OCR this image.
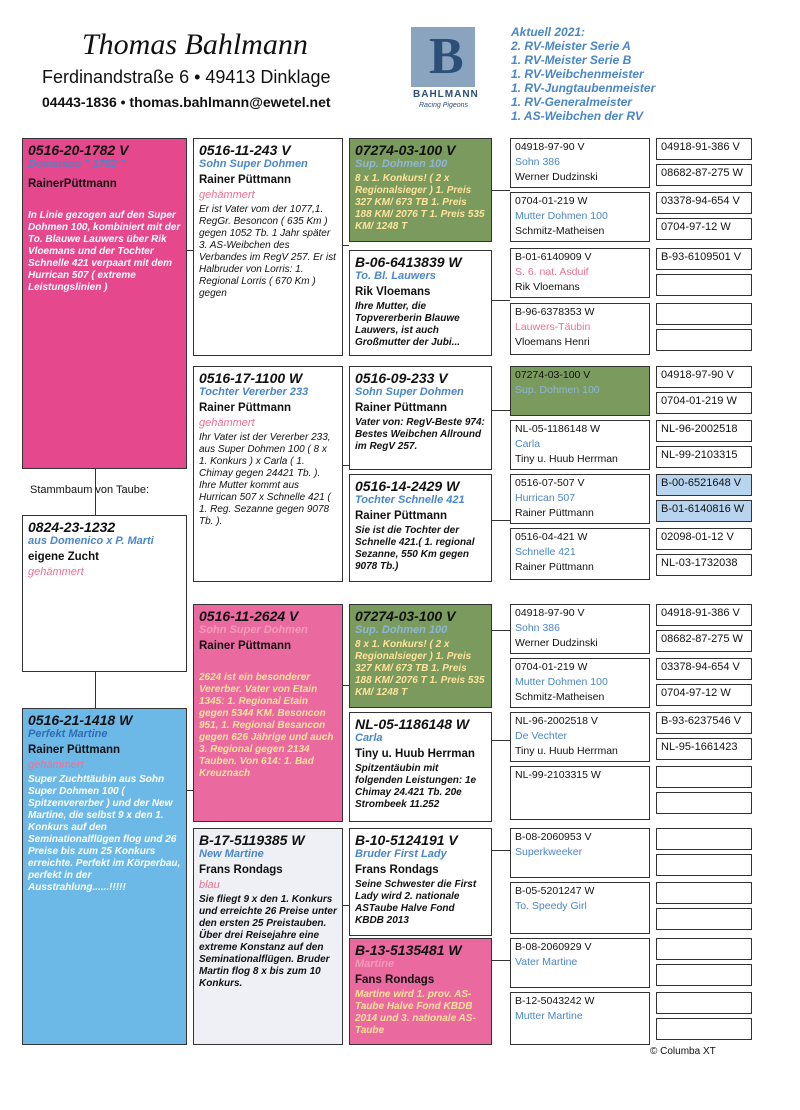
Thomas Bahlmann
Ferdinandstraße 6 • 49413 Dinklage
04443-1836 • thomas.bahlmann@ewetel.net
B
BAHLMANN
Racing Pigeons
Aktuell 2021:
2. RV-Meister Serie A
1. RV-Meister Serie B
1. RV-Weibchenmeister
1. RV-Jungtaubenmeister
1. RV-Generalmeister
1. AS-Weibchen der RV
0516-20-1782 V
Domenico " 1782 "
RainerPüttmann
In Linie gezogen auf den Super Dohmen 100, kombiniert mit der To. Blauwe Lauwers über Rik Vloemans und der Tochter Schnelle 421 verpaart mit dem Hurrican 507 ( extreme Leistungslinien )
Stammbaum von Taube:
0824-23-1232
aus Domenico x P. Marti
eigene Zucht
gehämmert
0516-21-1418 W
Perfekt Martine
Rainer Püttmann
gehämmert
Super Zuchttäubin aus Sohn Super Dohmen 100 ( Spitzenvererber ) und der New Martine, die selbst 9 x den 1. Konkurs auf den Seminationalflügen flog und 26 Preise bis zum 25 Konkurs erreichte. Perfekt im Körperbau, perfekt in der Ausstrahlung......!!!!!
0516-11-243 V
Sohn Super Dohmen
Rainer Püttmann
gehämmert
Er ist Vater vom der 1077,1. RegGr. Besoncon ( 635 Km ) gegen 1052 Tb. 1 Jahr später 3. AS-Weibchen des Verbandes im RegV 257. Er ist Halbruder von Lorris: 1. Regional Lorris ( 670 Km ) gegen
0516-17-1100 W
Tochter Vererber 233
Rainer Püttmann
gehämmert
Ihr Vater ist der Vererber 233, aus Super Dohmen 100 ( 8 x 1. Konkurs ) x Carla ( 1. Chimay gegen 24421 Tb. ). Ihre Mutter kommt aus Hurrican 507 x Schnelle 421 ( 1. Reg. Sezanne gegen 9078 Tb. ).
0516-11-2624 V
Sohn Super Dohmen
Rainer Püttmann
2624 ist ein besonderer Vererber. Vater von Etain 1345: 1. Regional Etain gegen 5344 KM. Besoncon 951, 1. Regional Besancon gegen 626 Jährige und auch 3. Regional gegen 2134 Tauben. Von 614: 1. Bad Kreuznach
B-17-5119385 W
New Martine
Frans Rondags
blau
Sie fliegt 9 x den 1. Konkurs und erreichte 26 Preise unter den ersten 25 Preistauben. Über drei Reisejahre eine extreme Konstanz auf den Seminationalflügen. Bruder Martin flog 8 x bis zum 10 Konkurs.
07274-03-100 V
Sup. Dohmen 100
8 x 1. Konkurs! ( 2 x Regionalsieger ) 1. Preis 327 KM/ 673 TB 1. Preis 188 KM/ 2076 T 1. Preis 535 KM/ 1248 T
B-06-6413839 W
To. Bl. Lauwers
Rik Vloemans
Ihre Mutter, die Topvererberin Blauwe Lauwers, ist auch Großmutter der Jubi...
0516-09-233 V
Sohn Super Dohmen
Rainer Püttmann
Vater von: RegV-Beste 974: Bestes Weibchen Allround im RegV 257.
0516-14-2429 W
Tochter Schnelle 421
Rainer Püttmann
Sie ist die Tochter der Schnelle 421.( 1. regional Sezanne, 550 Km gegen 9078 Tb.)
07274-03-100 V
Sup. Dohmen 100
8 x 1. Konkurs! ( 2 x Regionalsieger ) 1. Preis 327 KM/ 673 TB 1. Preis 188 KM/ 2076 T 1. Preis 535 KM/ 1248 T
NL-05-1186148 W
Carla
Tiny u. Huub Herrman
Spitzentäubin mit folgenden Leistungen: 1e Chimay 24.421 Tb. 20e Strombeek 11.252
B-10-5124191 V
Bruder First Lady
Frans Rondags
Seine Schwester die First Lady wird 2. nationale ASTaube Halve Fond KBDB 2013
B-13-5135481 W
Martine
Fans Rondags
Martine wird 1. prov. AS-Taube Halve Fond KBDB 2014 und 3. nationale AS-Taube
04918-97-90 V
Sohn 386
Werner Dudzinski
0704-01-219 W
Mutter Dohmen 100
Schmitz-Matheisen
B-01-6140909 V
S. 6. nat. Asduif
Rik Vloemans
B-96-6378353 W
Lauwers-Täubin
Vloemans Henri
07274-03-100 V
Sup. Dohmen 100
NL-05-1186148 W
Carla
Tiny u. Huub Herrman
0516-07-507 V
Hurrican 507
Rainer Püttmann
0516-04-421 W
Schnelle 421
Rainer Püttmann
04918-97-90 V
Sohn 386
Werner Dudzinski
0704-01-219 W
Mutter Dohmen 100
Schmitz-Matheisen
NL-96-2002518 V
De Vechter
Tiny u. Huub Herrman
NL-99-2103315 W
B-08-2060953 V
Superkweeker
B-05-5201247 W
To. Speedy Girl
B-08-2060929 V
Vater Martine
B-12-5043242 W
Mutter Martine
04918-91-386 V
08682-87-275 W
03378-94-654 V
0704-97-12 W
B-93-6109501 V
04918-97-90 V
0704-01-219 W
NL-96-2002518
NL-99-2103315
B-00-6521648 V
B-01-6140816 W
02098-01-12 V
NL-03-1732038
04918-91-386 V
08682-87-275 W
03378-94-654 V
0704-97-12 W
B-93-6237546 V
NL-95-1661423
© Columba XT
